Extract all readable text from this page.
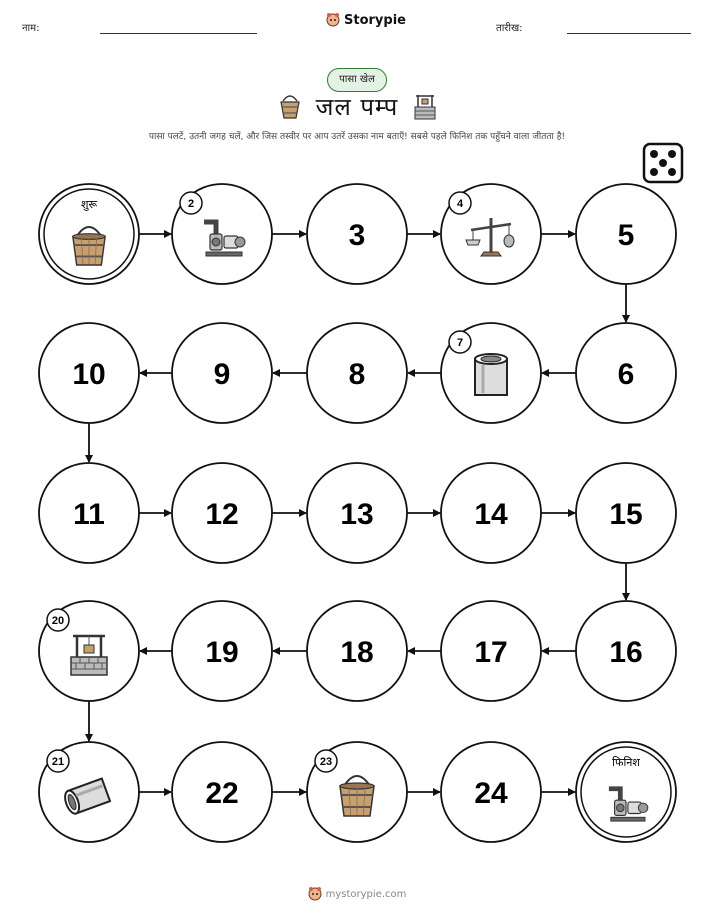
नाम:
Storypie
तारीख:
पासा खेल
जल पम्प
पासा पलटें, उतनी जगह चलें, और जिस तस्वीर पर आप उतरें उसका नाम बताएँ! सबसे पहले फिनिश तक पहुँचने वाला जीतता है!
शुरू	2
3
4
5
6
7
8
9
10
11	12	13	14	15
16
17
18
19
20
21
22
23
24
फिनिश
mystorypie.com
